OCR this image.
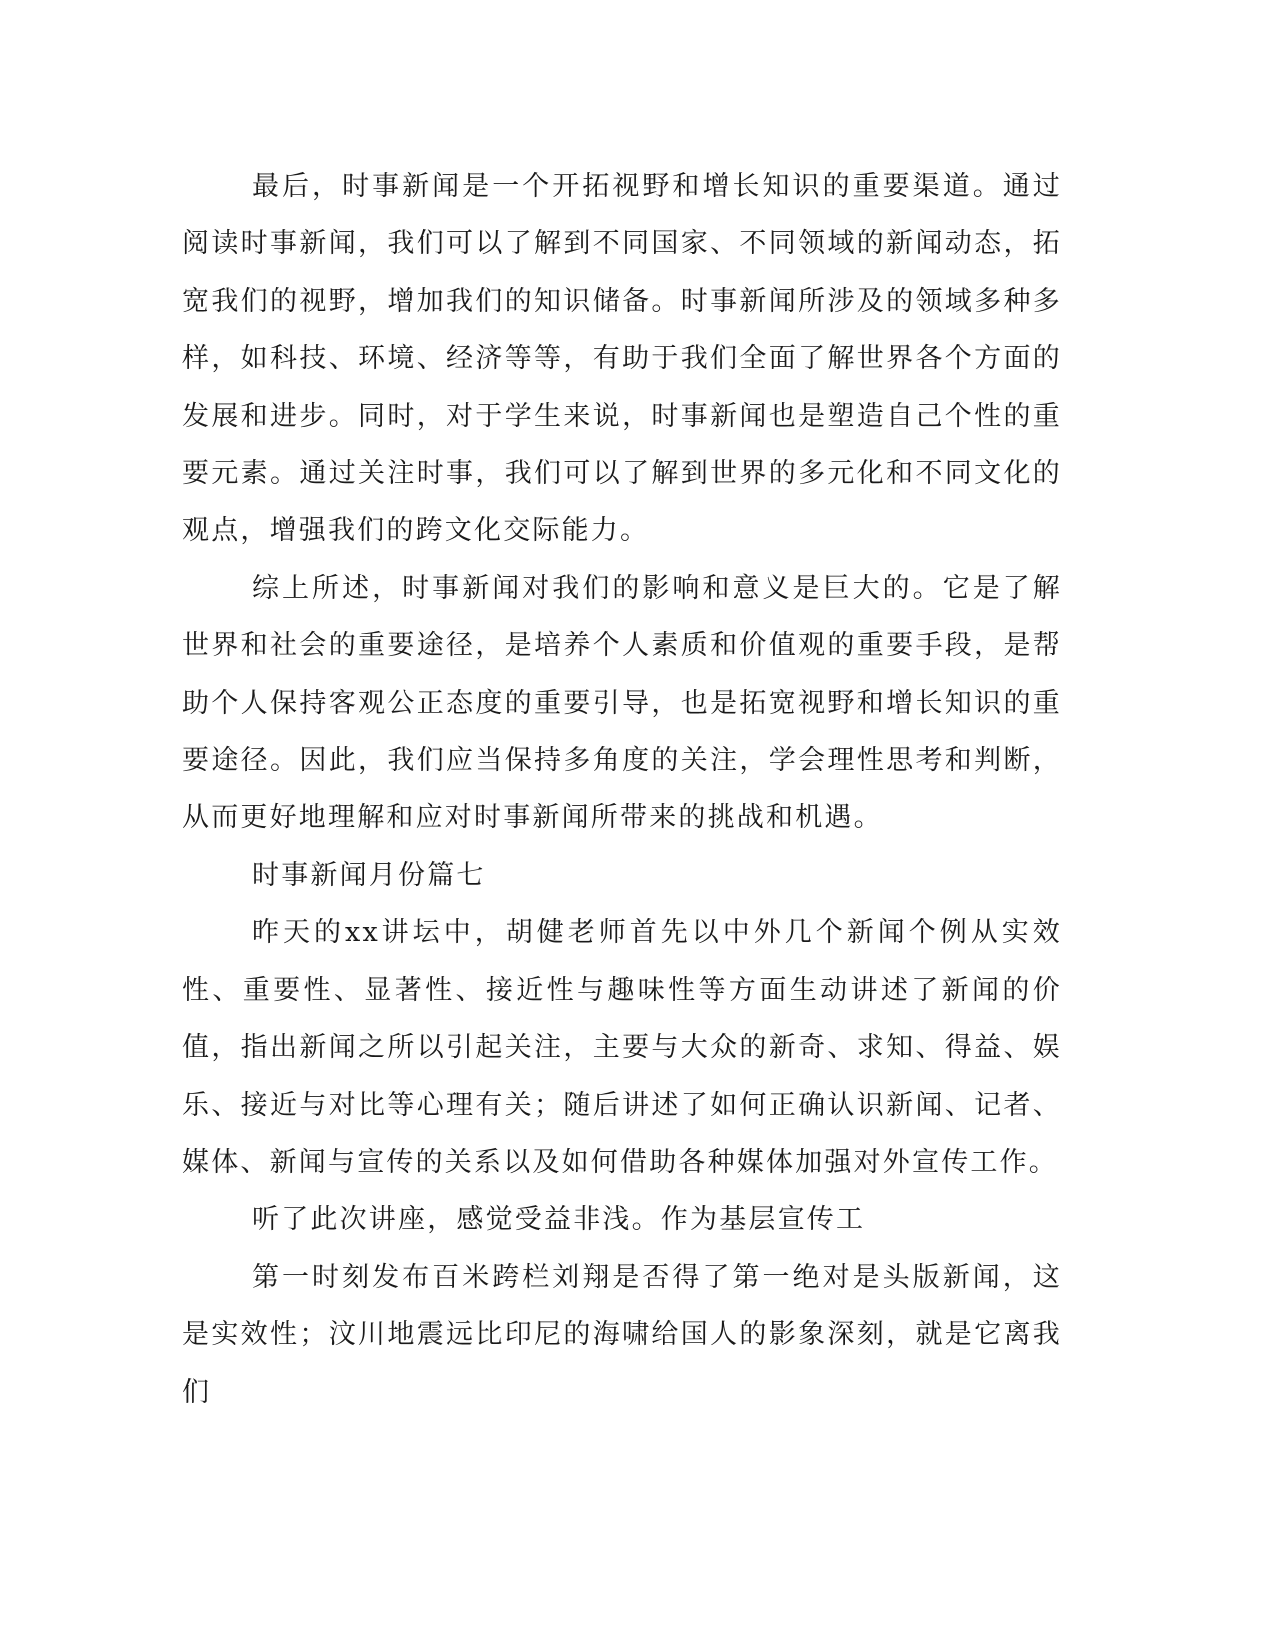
最后，时事新闻是一个开拓视野和增长知识的重要渠道。通过阅读时事新闻，我们可以了解到不同国家、不同领域的新闻动态，拓宽我们的视野，增加我们的知识储备。时事新闻所涉及的领域多种多样，如科技、环境、经济等等，有助于我们全面了解世界各个方面的发展和进步。同时，对于学生来说，时事新闻也是塑造自己个性的重要元素。通过关注时事，我们可以了解到世界的多元化和不同文化的观点，增强我们的跨文化交际能力。

综上所述，时事新闻对我们的影响和意义是巨大的。它是了解世界和社会的重要途径，是培养个人素质和价值观的重要手段，是帮助个人保持客观公正态度的重要引导，也是拓宽视野和增长知识的重要途径。因此，我们应当保持多角度的关注，学会理性思考和判断，从而更好地理解和应对时事新闻所带来的挑战和机遇。

时事新闻月份篇七

昨天的xx讲坛中，胡健老师首先以中外几个新闻个例从实效性、重要性、显著性、接近性与趣味性等方面生动讲述了新闻的价值，指出新闻之所以引起关注，主要与大众的新奇、求知、得益、娱乐、接近与对比等心理有关；随后讲述了如何正确认识新闻、记者、媒体、新闻与宣传的关系以及如何借助各种媒体加强对外宣传工作。

听了此次讲座，感觉受益非浅。作为基层宣传工

第一时刻发布百米跨栏刘翔是否得了第一绝对是头版新闻，这是实效性；汶川地震远比印尼的海啸给国人的影象深刻，就是它离我们
